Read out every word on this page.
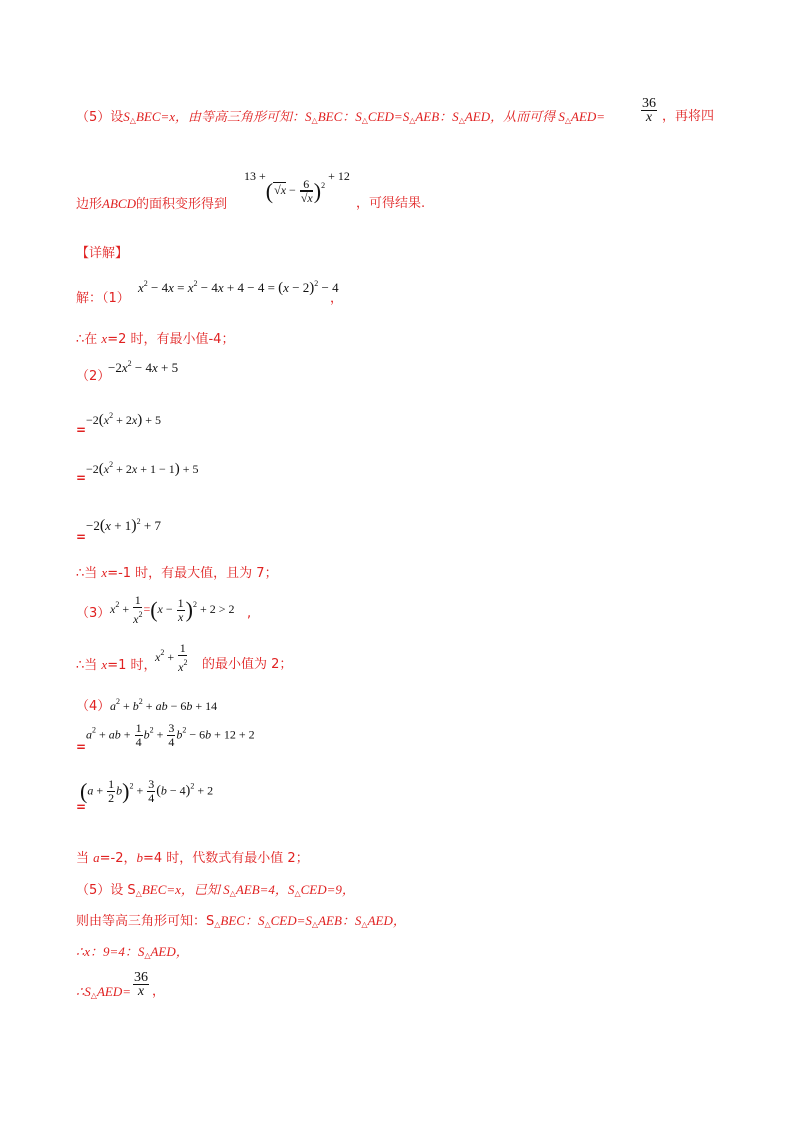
（5）设S△BEC=x，由等高三角形可知：S△BEC：S△CED=S△AEB：S△AED，从而可得 S△AED=	$\frac{36}{x}$ ，再将四
边形ABCD的面积变形得到
$13 +(√x - \frac{6}{√x} )^2 + 12$
，可得结果.
【详解】
解：（1）
$x^2 - 4x = x^2 - 4x + 4 - 4 = (x - 2)^2 - 4$
，
∴在 x=2 时，有最小值-4；
（2）
$-2x^2 - 4x + 5$
=
$-2(x^2 + 2x) + 5$
=
$-2(x^2 + 2x + 1 - 1) + 5$
=
$-2(x + 1)^2 + 7$
∴当 x=-1 时，有最大值，且为 7；
（3） $x^2 + \frac{1}{x^2} =(x - \frac{1}{x} )^2 + 2 > 2$ ,
∴当 x=1 时，
$x^2 + \frac{1}{x^2}$ 的最小值为 2；
（4） $a^2 + b^2$ + ab − 6b + 14
=
$a^2$ + ab + $\frac{1}{4} b^2 + \frac{3}{4} b^2 - 6b + 12 + 2$
=
$(a + \frac{1}{2} b)^2 + \frac{3}{4} (b - 4)^2 + 2$
当 a=-2，b=4 时，代数式有最小值 2；
（5）设 S△BEC=x，已知 S△AEB=4，S△CED=9，
则由等高三角形可知：S△BEC：S△CED=S△AEB：S△AED，
∴x：9=4：S△AED，
∴S△AED= $\frac{36}{x}$ ，
